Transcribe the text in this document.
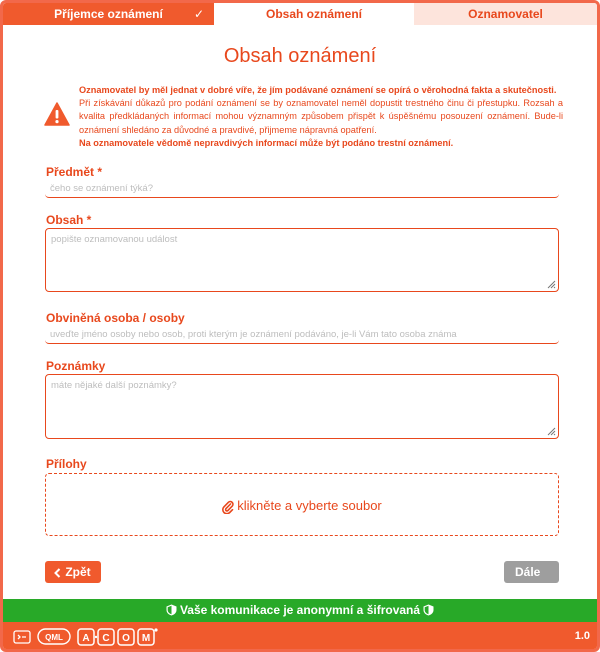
Příjemce oznámení	✓	Obsah oznámení	Oznamovatel
Obsah oznámení

Oznamovatel by měl jednat v dobré víře, že jím podávané oznámení se opírá o věrohodná fakta a skutečnosti.

Při získávání důkazů pro podání oznámení se by oznamovatel neměl dopustit trestného činu či přestupku. Rozsah a kvalita předkládaných informací mohou významným způsobem přispět k úspěšnému posouzení oznámení. Bude-li oznámení shledáno za důvodné a pravdivé, přijmeme nápravná opatření.

Na oznamovatele vědomě nepravdivých informací může být podáno trestní oznámení.

Předmět *
čeho se oznámení týká?
Obsah *
popište oznamovanou událost
Obviněná osoba / osoby
uveďte jméno osoby nebo osob, proti kterým je oznámení podáváno, je-li Vám tato osoba známa
Poznámky
máte nějaké další poznámky?
Přílohy
klikněte a vyberte soubor
Zpět	Dále
Vaše komunikace je anonymní a šifrovaná
QML A C O M	1.0
